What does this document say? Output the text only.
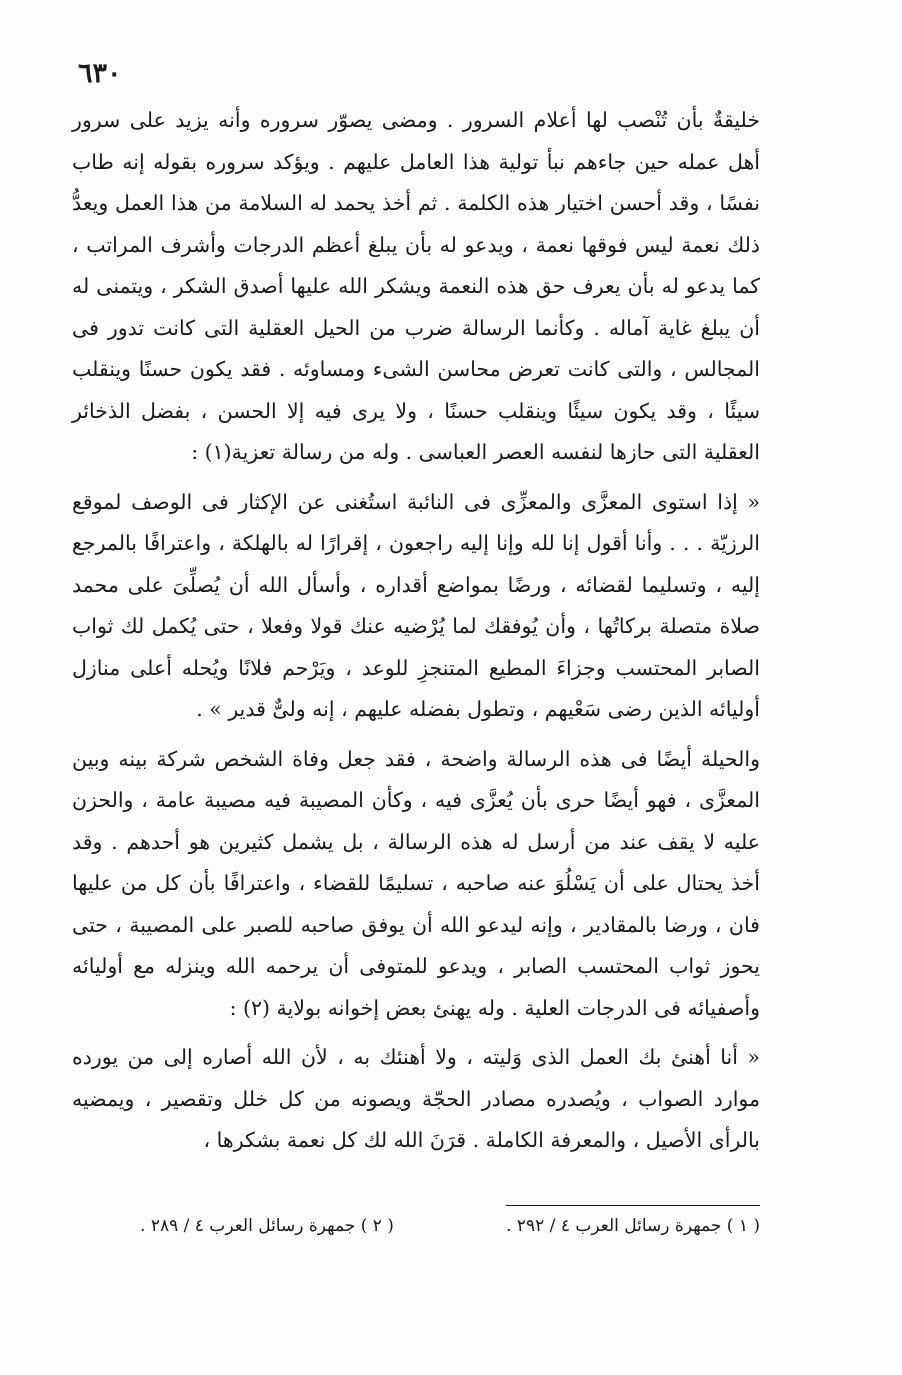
٦٣٠

خليقةٌ بأن تُنْصب لها أعلام السرور . ومضى يصوّر سروره وأنه يزيد على سرور أهل عمله حين جاءهم نبأ تولية هذا العامل عليهم . ويؤكد سروره بقوله إنه طاب نفسًا ، وقد أحسن اختيار هذه الكلمة . ثم أخذ يحمد له السلامة من هذا العمل ويعدُّ ذلك نعمة ليس فوقها نعمة ، ويدعو له بأن يبلغ أعظم الدرجات وأشرف المراتب ، كما يدعو له بأن يعرف حق هذه النعمة ويشكر الله عليها أصدق الشكر ، ويتمنى له أن يبلغ غاية آماله . وكأنما الرسالة ضرب من الحيل العقلية التى كانت تدور فى المجالس ، والتى كانت تعرض محاسن الشىء ومساوئه . فقد يكون حسنًا وينقلب سيئًا ، وقد يكون سيئًا وينقلب حسنًا ، ولا يرى فيه إلا الحسن ، بفضل الذخائر العقلية التى حازها لنفسه العصر العباسى . وله من رسالة تعزية(١) :

« إذا استوى المعزَّى والمعزِّى فى النائبة استُغنى عن الإكثار فى الوصف لموقع الرزيّة . . . وأنا أقول إنا لله وإنا إليه راجعون ، إقرارًا له بالهلكة ، واعترافًا بالمرجع إليه ، وتسليما لقضائه ، ورضًا بمواضع أقداره ، وأسأل الله أن يُصلِّىَ على محمد صلاة متصلة بركاتُها ، وأن يُوفقك لما يُرْضيه عنك قولا وفعلا ، حتى يُكمل لك ثواب الصابر المحتسب وجزاءَ المطيع المتنجزِ للوعد ، ويَرْحم فلانًا ويُحله أعلى منازل أوليائه الذين رضى سَعْيهم ، وتطول بفضله عليهم ، إنه ولىٌّ قدير » .

والحيلة أيضًا فى هذه الرسالة واضحة ، فقد جعل وفاة الشخص شركة بينه وبين المعزَّى ، فهو أيضًا حرى بأن يُعزَّى فيه ، وكأن المصيبة فيه مصيبة عامة ، والحزن عليه لا يقف عند من أرسل له هذه الرسالة ، بل يشمل كثيرين هو أحدهم . وقد أخذ يحتال على أن يَسْلُوَ عنه صاحبه ، تسليمًا للقضاء ، واعترافًا بأن كل من عليها فان ، ورضا بالمقادير ، وإنه ليدعو الله أن يوفق صاحبه للصبر على المصيبة ، حتى يحوز ثواب المحتسب الصابر ، ويدعو للمتوفى أن يرحمه الله وينزله مع أوليائه وأصفيائه فى الدرجات العلية . وله يهنئ بعض إخوانه بولاية (٢) :

« أنا أهنئ بك العمل الذى وَليته ، ولا أهنئك به ، لأن الله أصاره إلى من يورده موارد الصواب ، ويُصدره مصادر الحجّة ويصونه من كل خلل وتقصير ، ويمضيه بالرأى الأصيل ، والمعرفة الكاملة . قرَنَ الله لك كل نعمة بشكرها ،

( ١ ) جمهرة رسائل العرب ٤ / ٢٩٢ .
( ٢ ) جمهرة رسائل العرب ٤ / ٢٨٩ .
